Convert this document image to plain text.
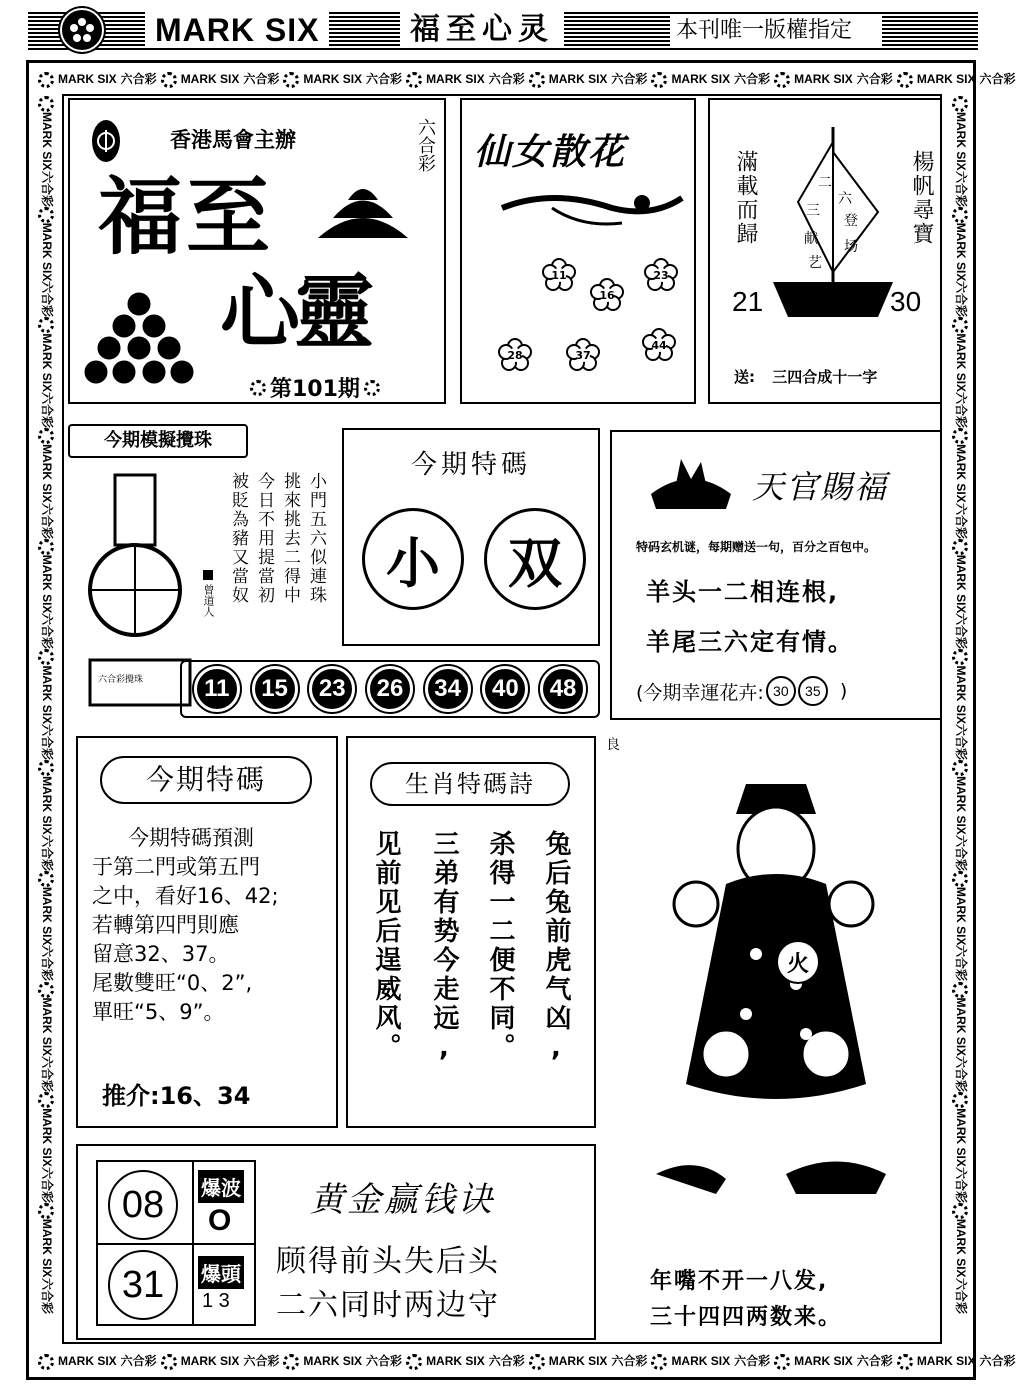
MARK SIX	福至心灵	本刊唯一版權指定
MARK SIX 六合彩 MARK SIX 六合彩 MARK SIX 六合彩 MARK SIX 六合彩 MARK SIX 六合彩 MARK SIX 六合彩 MARK SIX 六合彩 MARK SIX 六合彩
MARK SIX 六合彩 MARK SIX 六合彩 MARK SIX 六合彩 MARK SIX 六合彩 MARK SIX 六合彩 MARK SIX 六合彩 MARK SIX 六合彩 MARK SIX 六合彩
MARK SIX六合彩MARK SIX六合彩MARK SIX六合彩MARK SIX六合彩MARK SIX六合彩MARK SIX六合彩MARK SIX六合彩MARK SIX六合彩MARK SIX六合彩MARK SIX六合彩MARK SIX六合彩
MARK SIX六合彩MARK SIX六合彩MARK SIX六合彩MARK SIX六合彩MARK SIX六合彩MARK SIX六合彩MARK SIX六合彩MARK SIX六合彩MARK SIX六合彩MARK SIX六合彩MARK SIX六合彩
香港馬會主辦	六合彩
福至
心靈
第101期
仙女散花
11
16
23
28	37
44
滿載而歸	楊帆尋寶
二
六
三
登
献
艺
场
21	30
送: 三四合成十一字
今期模擬攪珠
六合彩攪珠
曾道人	小門五六似連珠
挑來挑去二得中
今日不用提當初
被貶為豬又當奴
11	15	23	26	34	40	48
今期特碼
小	双
天官賜福
特码玄机谜，每期赠送一句，百分之百包中。
羊头一二相连根,
羊尾三六定有情。
(今期幸運花卉: 30	35	)
今期特碼
今期特碼預測
于第二門或第五門
之中，看好16、42;
若轉第四門則應
留意32、37。
尾數雙旺“0、2”,
單旺“5、9”。
推介:16、34
生肖特碼詩
兔后兔前虎气凶,
杀得一二便不同。
三弟有势今走远,
见前见后逞威风。
良
火
年嘴不开一八发,
三十四四两数来。
08
31
爆波
O
爆頭
1 3
黄金赢钱诀
顾得前头失后头
二六同时两边守
